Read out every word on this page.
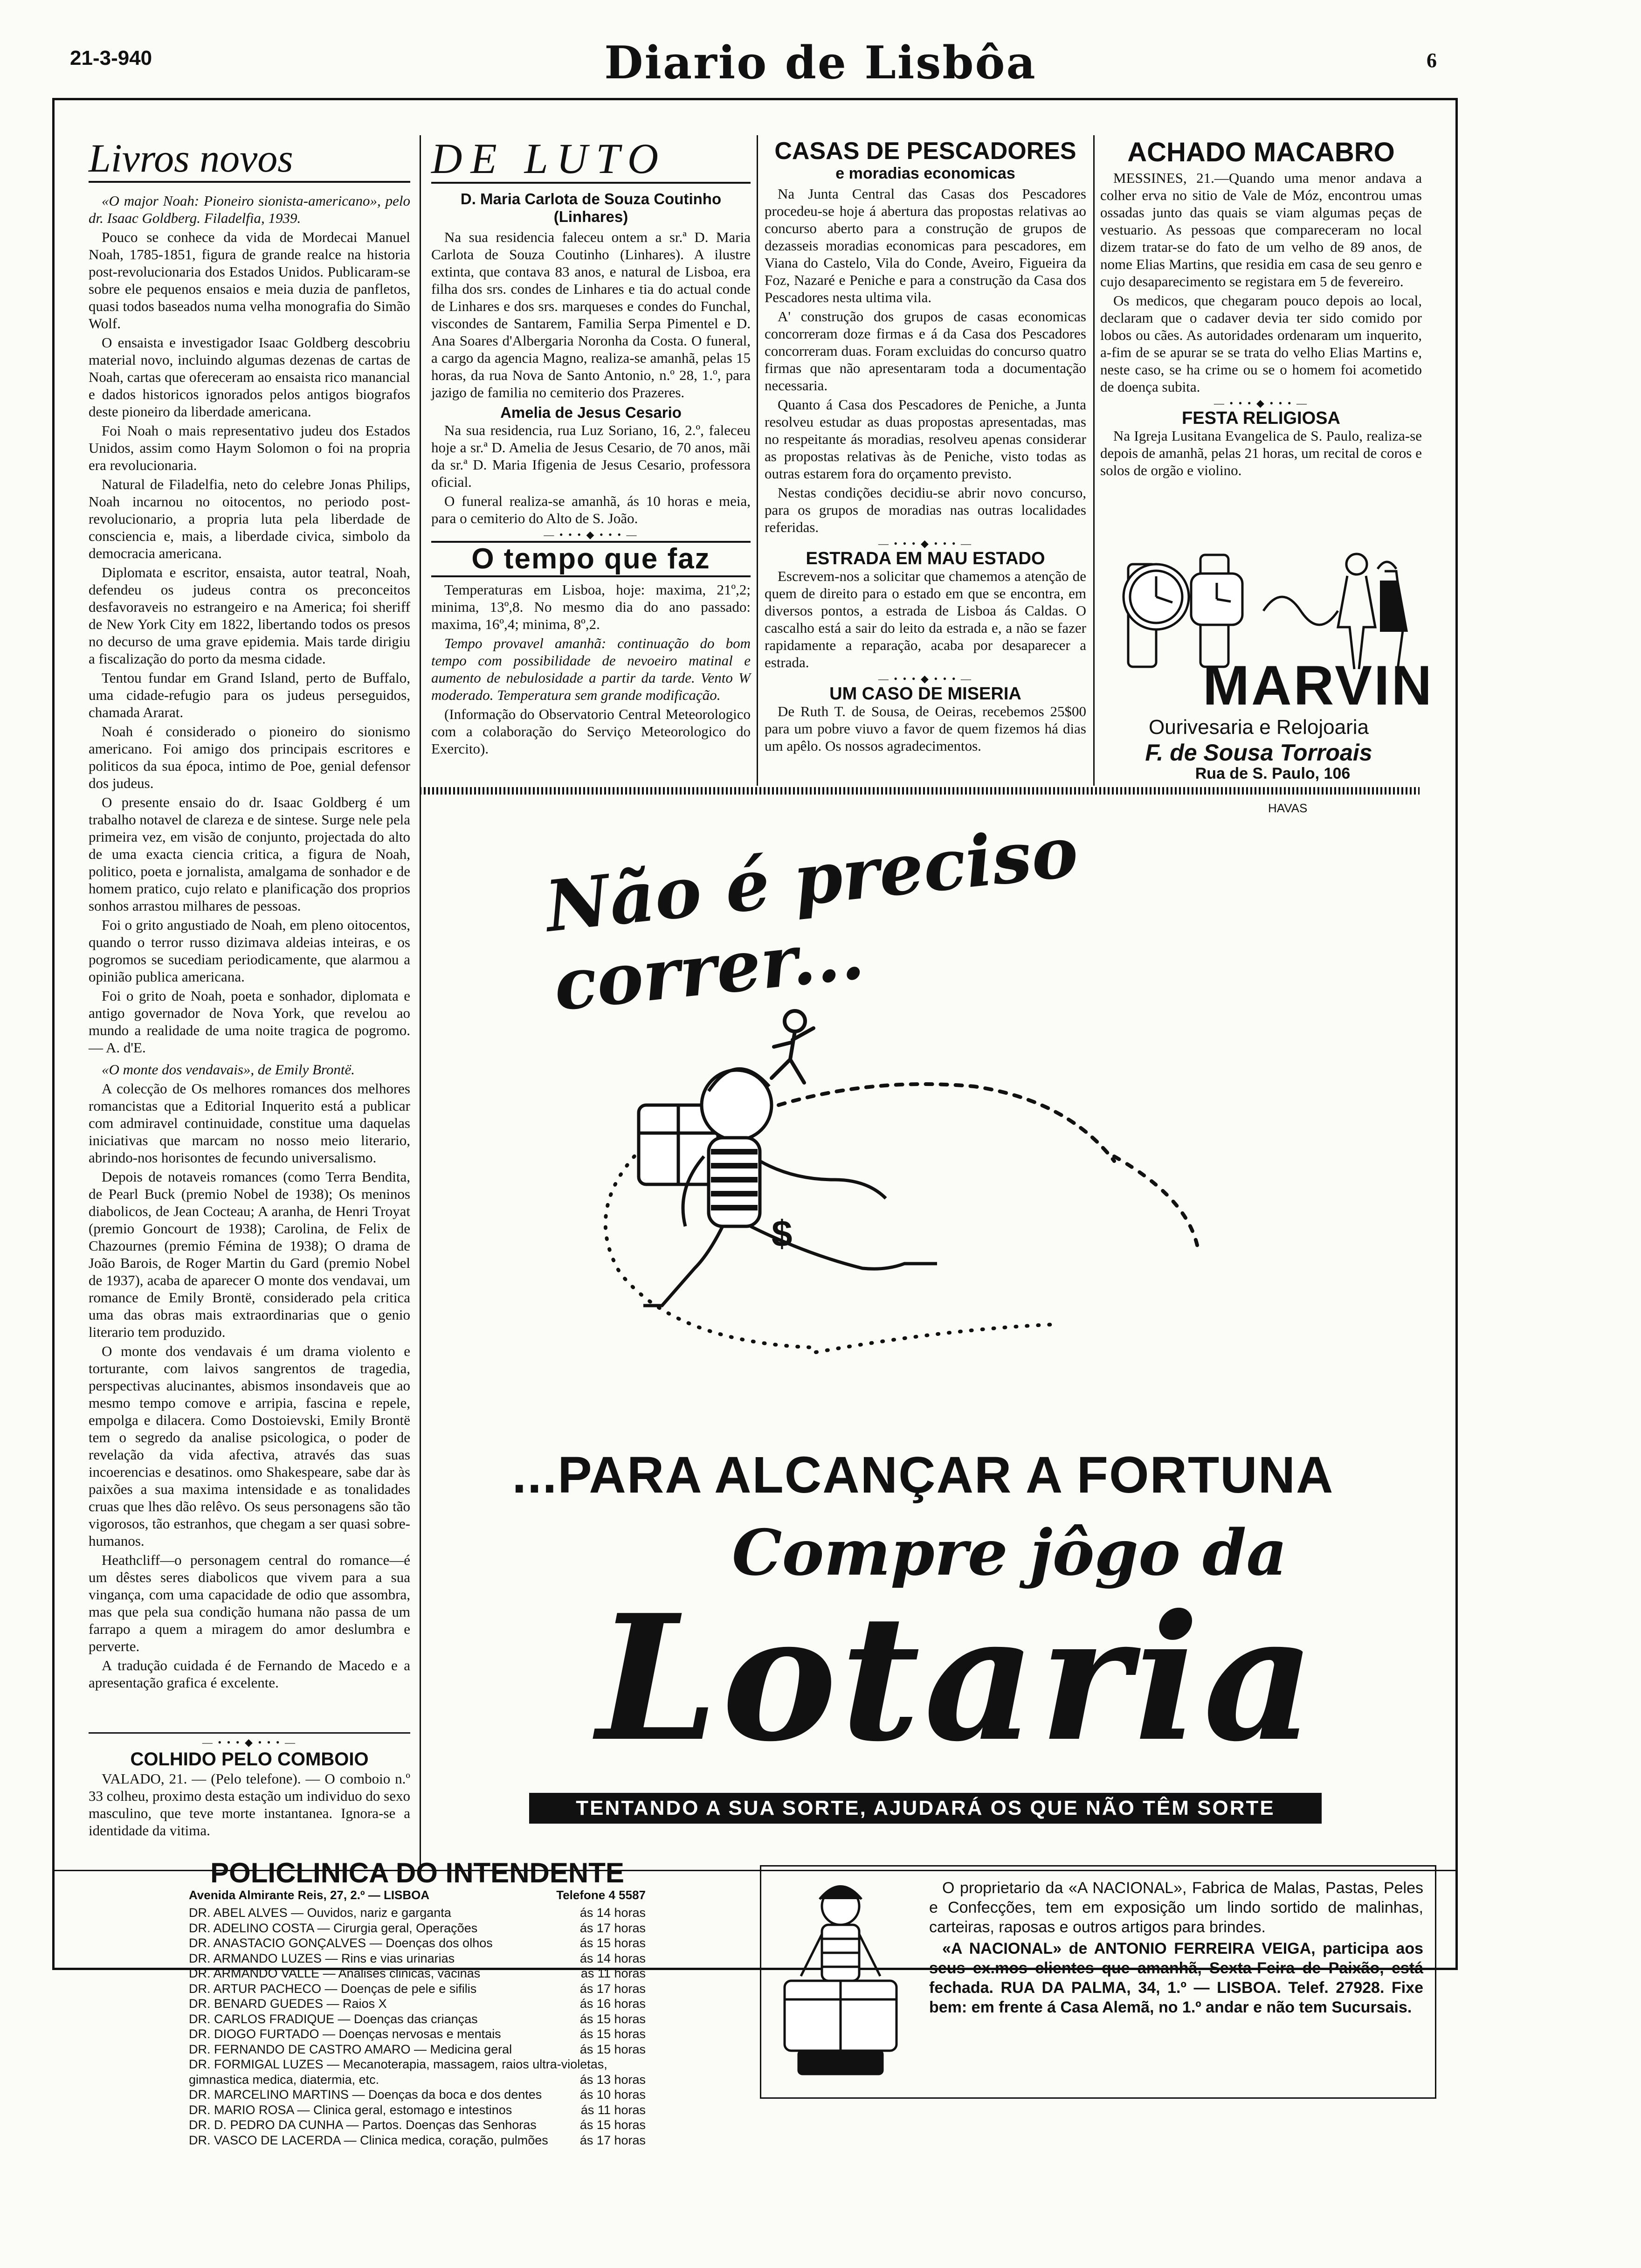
21-3-940	Diario de Lisbôa	6
Livros novos

«O major Noah: Pioneiro sionista-americano», pelo dr. Isaac Goldberg. Filadelfia, 1939.

Pouco se conhece da vida de Mordecai Manuel Noah, 1785-1851, figura de grande realce na historia post-revolucionaria dos Estados Unidos. Publicaram-se sobre ele pequenos ensaios e meia duzia de panfletos, quasi todos baseados numa velha monografia do Simão Wolf.

O ensaista e investigador Isaac Goldberg descobriu material novo, incluindo algumas dezenas de cartas de Noah, cartas que ofereceram ao ensaista rico manancial e dados historicos ignorados pelos antigos biografos deste pioneiro da liberdade americana.

Foi Noah o mais representativo judeu dos Estados Unidos, assim como Haym Solomon o foi na propria era revolucionaria.

Natural de Filadelfia, neto do celebre Jonas Philips, Noah incarnou no oitocentos, no periodo post-revolucionario, a propria luta pela liberdade de consciencia e, mais, a liberdade civica, simbolo da democracia americana.

Diplomata e escritor, ensaista, autor teatral, Noah, defendeu os judeus contra os preconceitos desfavoraveis no estrangeiro e na America; foi sheriff de New York City em 1822, libertando todos os presos no decurso de uma grave epidemia. Mais tarde dirigiu a fiscalização do porto da mesma cidade.

Tentou fundar em Grand Island, perto de Buffalo, uma cidade-refugio para os judeus perseguidos, chamada Ararat.

Noah é considerado o pioneiro do sionismo americano. Foi amigo dos principais escritores e politicos da sua época, intimo de Poe, genial defensor dos judeus.

O presente ensaio do dr. Isaac Goldberg é um trabalho notavel de clareza e de sintese. Surge nele pela primeira vez, em visão de conjunto, projectada do alto de uma exacta ciencia critica, a figura de Noah, politico, poeta e jornalista, amalgama de sonhador e de homem pratico, cujo relato e planificação dos proprios sonhos arrastou milhares de pessoas.

Foi o grito angustiado de Noah, em pleno oitocentos, quando o terror russo dizimava aldeias inteiras, e os pogromos se sucediam periodicamente, que alarmou a opinião publica americana.

Foi o grito de Noah, poeta e sonhador, diplomata e antigo governador de Nova York, que revelou ao mundo a realidade de uma noite tragica de pogromo. — A. d'E.

«O monte dos vendavais», de Emily Brontë.

A colecção de Os melhores romances dos melhores romancistas que a Editorial Inquerito está a publicar com admiravel continuidade, constitue uma daquelas iniciativas que marcam no nosso meio literario, abrindo-nos horisontes de fecundo universalismo.

Depois de notaveis romances (como Terra Bendita, de Pearl Buck (premio Nobel de 1938); Os meninos diabolicos, de Jean Cocteau; A aranha, de Henri Troyat (premio Goncourt de 1938); Carolina, de Felix de Chazournes (premio Fémina de 1938); O drama de João Barois, de Roger Martin du Gard (premio Nobel de 1937), acaba de aparecer O monte dos vendavai, um romance de Emily Brontë, considerado pela critica uma das obras mais extraordinarias que o genio literario tem produzido.

O monte dos vendavais é um drama violento e torturante, com laivos sangrentos de tragedia, perspectivas alucinantes, abismos insondaveis que ao mesmo tempo comove e arripia, fascina e repele, empolga e dilacera. Como Dostoievski, Emily Brontë tem o segredo da analise psicologica, o poder de revelação da vida afectiva, através das suas incoerencias e desatinos. omo Shakespeare, sabe dar às paixões a sua maxima intensidade e as tonalidades cruas que lhes dão relêvo. Os seus personagens são tão vigorosos, tão estranhos, que chegam a ser quasi sobre-humanos.

Heathcliff—o personagem central do romance—é um dêstes seres diabolicos que vivem para a sua vingança, com uma capacidade de odio que assombra, mas que pela sua condição humana não passa de um farrapo a quem a miragem do amor deslumbra e perverte.

A tradução cuidada é de Fernando de Macedo e a apresentação grafica é excelente.

— • • • ◆ • • • —
COLHIDO PELO COMBOIO
VALADO, 21. — (Pelo telefone). — O comboio n.º 33 colheu, proximo desta estação um individuo do sexo masculino, que teve morte instantanea. Ignora-se a identidade da vitima.
DE LUTO
D. Maria Carlota de Souza Coutinho (Linhares)

Na sua residencia faleceu ontem a sr.ª D. Maria Carlota de Souza Coutinho (Linhares). A ilustre extinta, que contava 83 anos, e natural de Lisboa, era filha dos srs. condes de Linhares e tia do actual conde de Linhares e dos srs. marqueses e condes do Funchal, viscondes de Santarem, Familia Serpa Pimentel e D. Ana Soares d'Albergaria Noronha da Costa. O funeral, a cargo da agencia Magno, realiza-se amanhã, pelas 15 horas, da rua Nova de Santo Antonio, n.º 28, 1.º, para jazigo de familia no cemiterio dos Prazeres.

Amelia de Jesus Cesario

Na sua residencia, rua Luz Soriano, 16, 2.º, faleceu hoje a sr.ª D. Amelia de Jesus Cesario, de 70 anos, mãi da sr.ª D. Maria Ifigenia de Jesus Cesario, professora oficial.

O funeral realiza-se amanhã, ás 10 horas e meia, para o cemiterio do Alto de S. João.

— • • • ◆ • • • —
O tempo que faz

Temperaturas em Lisboa, hoje: maxima, 21º,2; minima, 13º,8. No mesmo dia do ano passado: maxima, 16º,4; minima, 8º,2.

Tempo provavel amanhã: continuação do bom tempo com possibilidade de nevoeiro matinal e aumento de nebulosidade a partir da tarde. Vento W moderado. Temperatura sem grande modificação.

(Informação do Observatorio Central Meteorologico com a colaboração do Serviço Meteorologico do Exercito).

CASAS DE PESCADORES
e moradias economicas

Na Junta Central das Casas dos Pescadores procedeu-se hoje á abertura das propostas relativas ao concurso aberto para a construção de grupos de dezasseis moradias economicas para pescadores, em Viana do Castelo, Vila do Conde, Aveiro, Figueira da Foz, Nazaré e Peniche e para a construção da Casa dos Pescadores nesta ultima vila.

A' construção dos grupos de casas economicas concorreram doze firmas e á da Casa dos Pescadores concorreram duas. Foram excluidas do concurso quatro firmas que não apresentaram toda a documentação necessaria.

Quanto á Casa dos Pescadores de Peniche, a Junta resolveu estudar as duas propostas apresentadas, mas no respeitante ás moradias, resolveu apenas considerar as propostas relativas às de Peniche, visto todas as outras estarem fora do orçamento previsto.

Nestas condições decidiu-se abrir novo concurso, para os grupos de moradias nas outras localidades referidas.

— • • • ◆ • • • —
ESTRADA EM MAU ESTADO

Escrevem-nos a solicitar que chamemos a atenção de quem de direito para o estado em que se encontra, em diversos pontos, a estrada de Lisboa ás Caldas. O cascalho está a sair do leito da estrada e, a não se fazer rapidamente a reparação, acaba por desaparecer a estrada.

— • • • ◆ • • • —
UM CASO DE MISERIA

De Ruth T. de Sousa, de Oeiras, recebemos 25$00 para um pobre viuvo a favor de quem fizemos há dias um apêlo. Os nossos agradecimentos.

ACHADO MACABRO

MESSINES, 21.—Quando uma menor andava a colher erva no sitio de Vale de Móz, encontrou umas ossadas junto das quais se viam algumas peças de vestuario. As pessoas que compareceram no local dizem tratar-se do fato de um velho de 89 anos, de nome Elias Martins, que residia em casa de seu genro e cujo desaparecimento se registara em 5 de fevereiro.

Os medicos, que chegaram pouco depois ao local, declaram que o cadaver devia ter sido comido por lobos ou cães. As autoridades ordenaram um inquerito, a-fim de se apurar se se trata do velho Elias Martins e, neste caso, se ha crime ou se o homem foi acometido de doença subita.

— • • • ◆ • • • —
FESTA RELIGIOSA

Na Igreja Lusitana Evangelica de S. Paulo, realiza-se depois de amanhã, pelas 21 horas, um recital de coros e solos de orgão e violino.

MARVIN
Ourivesaria e Relojoaria
F. de Sousa Torroais
Rua de S. Paulo, 106
HAVAS
Não é preciso correr...
$
...PARA ALCANÇAR A FORTUNA
Compre jôgo da
Lotaria
TENTANDO A SUA SORTE, AJUDARÁ OS QUE NÃO TÊM SORTE
POLICLINICA DO INTENDENTE
Avenida Almirante Reis, 27, 2.º — LISBOA	Telefone 4 5587
DR. ABEL ALVES — Ouvidos, nariz e garganta	ás 14 horas
DR. ADELINO COSTA — Cirurgia geral, Operações	ás 17 horas
DR. ANASTACIO GONÇALVES — Doenças dos olhos	ás 15 horas
DR. ARMANDO LUZES — Rins e vias urinarias	ás 14 horas
DR. ARMANDO VALLE — Analises clinicas, vacinas	ás 11 horas
DR. ARTUR PACHECO — Doenças de pele e sifilis	ás 17 horas
DR. BENARD GUEDES — Raios X	ás 16 horas
DR. CARLOS FRADIQUE — Doenças das crianças	ás 15 horas
DR. DIOGO FURTADO — Doenças nervosas e mentais	ás 15 horas
DR. FERNANDO DE CASTRO AMARO — Medicina geral	ás 15 horas
DR. FORMIGAL LUZES — Mecanoterapia, massagem, raios ultra-violetas, gimnastica medica, diatermia, etc.	ás 13 horas
DR. MARCELINO MARTINS — Doenças da boca e dos dentes	ás 10 horas
DR. MARIO ROSA — Clinica geral, estomago e intestinos	ás 11 horas
DR. D. PEDRO DA CUNHA — Partos. Doenças das Senhoras	ás 15 horas
DR. VASCO DE LACERDA — Clinica medica, coração, pulmões	ás 17 horas

O proprietario da «A NACIONAL», Fabrica de Malas, Pastas, Peles e Confecções, tem em exposição um lindo sortido de malinhas, carteiras, raposas e outros artigos para brindes.

«A NACIONAL» de ANTONIO FERREIRA VEIGA, participa aos seus ex.mos clientes que amanhã, Sexta-Feira de Paixão, está fechada. RUA DA PALMA, 34, 1.º — LISBOA. Telef. 27928. Fixe bem: em frente á Casa Alemã, no 1.º andar e não tem Sucursais.
